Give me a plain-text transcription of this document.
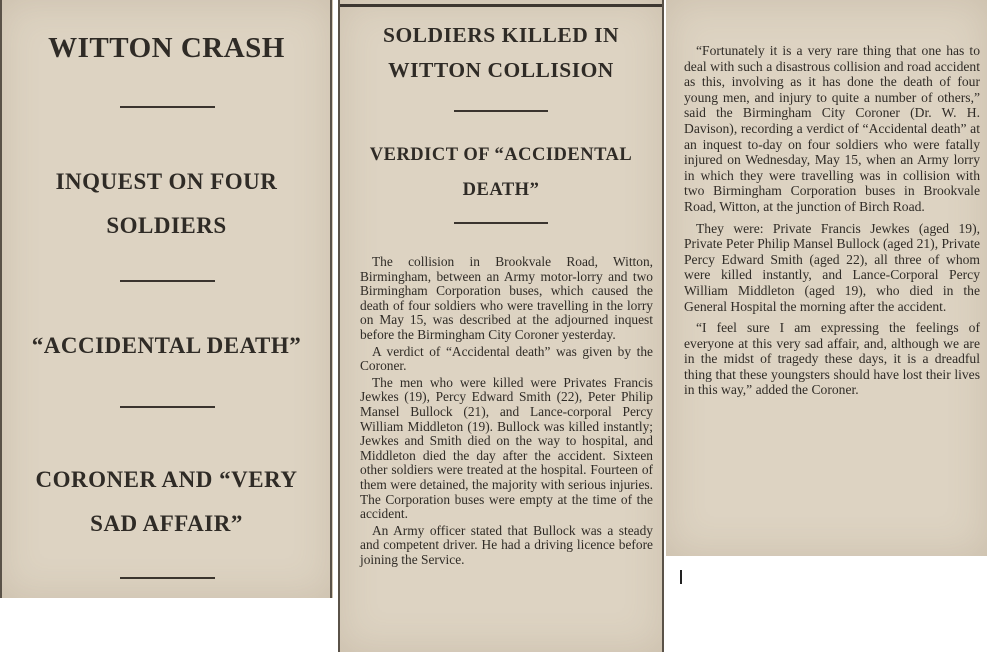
WITTON CRASH
INQUEST ON FOUR SOLDIERS
“ACCIDENTAL DEATH”
CORONER AND “VERY SAD AFFAIR”
SOLDIERS KILLED IN WITTON COLLISION
VERDICT OF “ACCIDENTAL DEATH”

The collision in Brookvale Road, Witton, Birmingham, between an Army motor-lorry and two Birmingham Corporation buses, which caused the death of four soldiers who were travelling in the lorry on May 15, was described at the adjourned inquest before the Birmingham City Coroner yesterday.

A verdict of “Accidental death” was given by the Coroner.

The men who were killed were Privates Francis Jewkes (19), Percy Edward Smith (22), Peter Philip Mansel Bullock (21), and Lance-corporal Percy William Middleton (19). Bullock was killed instantly; Jewkes and Smith died on the way to hospital, and Middleton died the day after the accident. Sixteen other soldiers were treated at the hospital. Fourteen of them were detained, the majority with serious injuries. The Corporation buses were empty at the time of the accident.

An Army officer stated that Bullock was a steady and competent driver. He had a driving licence before joining the Service.

“Fortunately it is a very rare thing that one has to deal with such a disastrous collision and road accident as this, involving as it has done the death of four young men, and injury to quite a number of others,” said the Birmingham City Coroner (Dr. W. H. Davison), recording a verdict of “Accidental death” at an inquest to-day on four soldiers who were fatally injured on Wednesday, May 15, when an Army lorry in which they were travelling was in collision with two Birmingham Corporation buses in Brookvale Road, Witton, at the junction of Birch Road.

They were: Private Francis Jewkes (aged 19), Private Peter Philip Mansel Bullock (aged 21), Private Percy Edward Smith (aged 22), all three of whom were killed instantly, and Lance-Corporal Percy William Middleton (aged 19), who died in the General Hospital the morning after the accident.

“I feel sure I am expressing the feelings of everyone at this very sad affair, and, although we are in the midst of tragedy these days, it is a dreadful thing that these youngsters should have lost their lives in this way,” added the Coroner.
